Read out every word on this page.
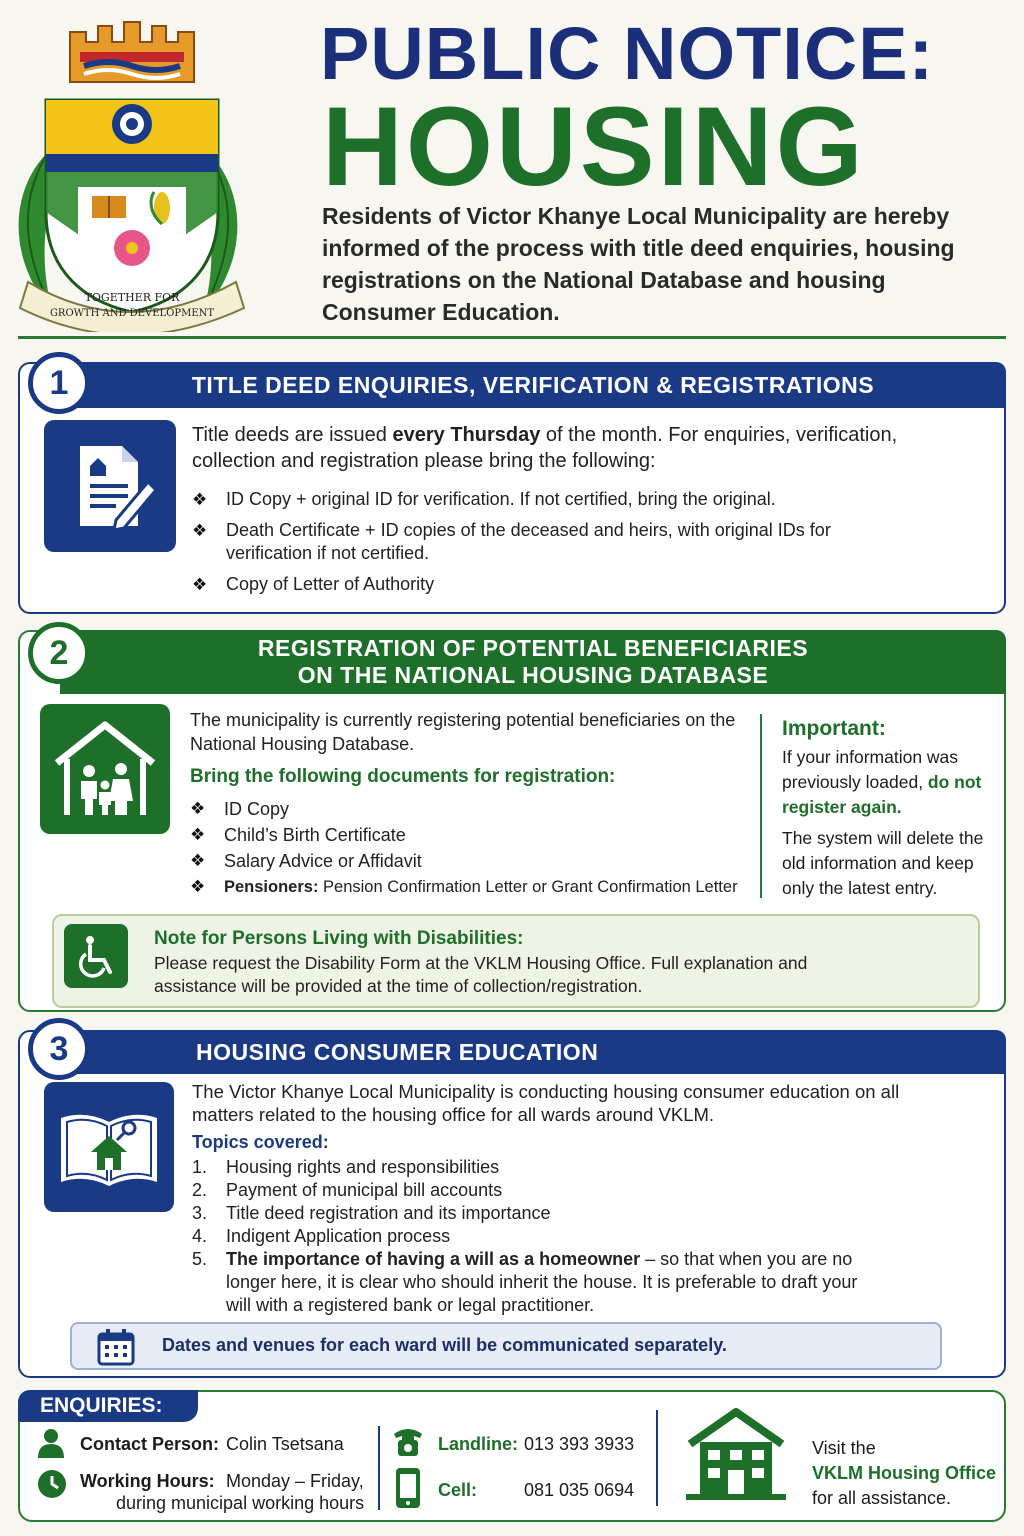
TOGETHER FOR
GROWTH AND DEVELOPMENT
PUBLIC NOTICE:
HOUSING
Residents of Victor Khanye Local Municipality are hereby informed of the process with title deed enquiries, housing registrations on the National Database and housing Consumer Education.
TITLE DEED ENQUIRIES, VERIFICATION & REGISTRATIONS
1
Title deeds are issued every Thursday of the month. For enquiries, verification, collection and registration please bring the following:
❖ ID Copy + original ID for verification. If not certified, bring the original.
❖ Death Certificate + ID copies of the deceased and heirs, with original IDs for verification if not certified.
❖ Copy of Letter of Authority
REGISTRATION OF POTENTIAL BENEFICIARIES
ON THE NATIONAL HOUSING DATABASE
2
The municipality is currently registering potential beneficiaries on the National Housing Database.
Bring the following documents for registration:
❖ ID Copy
❖ Child’s Birth Certificate
❖ Salary Advice or Affidavit
❖ Pensioners: Pension Confirmation Letter or Grant Confirmation Letter
Important:
If your information was previously loaded, do not register again.
The system will delete the old information and keep only the latest entry.
Note for Persons Living with Disabilities:
Please request the Disability Form at the VKLM Housing Office. Full explanation and assistance will be provided at the time of collection/registration.
HOUSING CONSUMER EDUCATION
3
The Victor Khanye Local Municipality is conducting housing consumer education on all matters related to the housing office for all wards around VKLM.
Topics covered:
1.	Housing rights and responsibilities
2.	Payment of municipal bill accounts
3.	Title deed registration and its importance
4.	Indigent Application process
5.	The importance of having a will as a homeowner – so that when you are no longer here, it is clear who should inherit the house. It is preferable to draft your will with a registered bank or legal practitioner.
Dates and venues for each ward will be communicated separately.
ENQUIRIES:
Contact Person: Colin Tsetsana
Working Hours: Monday – Friday,
during municipal working hours
Landline: 013 393 3933
Cell:	081 035 0694
Visit the
VKLM Housing Office
for all assistance.
